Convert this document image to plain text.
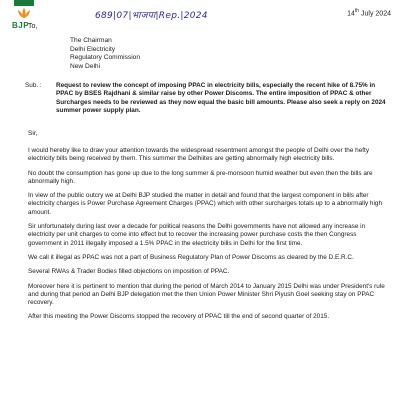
BJP
689|07|भाजपा|Rep.|2024	14th July 2024
To,
The Chairman
Delhi Electricity
Regulatory Commission
New Delhi
Sub. : Request to review the concept of imposing PPAC in electricity bills, especially the recent hike of 8.75% in PPAC by BSES Rajdhani & similar raise by other Power Discoms. The entire imposition of PPAC & other Surcharges needs to be reviewed as they now equal the basic bill amounts. Please also seek a reply on 2024 summer power supply plan.
Sir,

I would hereby like to draw your attention towards the widespread resentment amongst the people of Delhi over the hefty electricity bills being received by them. This summer the Delhiites are getting abnormally high electricity bills.

No doubt the consumption has gone up due to the long summer & pre-monsoon humid weather but even then the bills are abnormally high.

In view of the public outcry we at Delhi BJP studied the matter in detail and found that the largest component in bills after electricity charges is Power Purchase Agreement Charges (PPAC) which with other surcharges totals up to a abnormally high amount.

Sir unfortunately during last over a decade for political reasons the Delhi governments have not allowed any increase in electricity per unit charges to come into effect but to recover the increasing power purchase costs the then Congress government in 2011 illegally imposed a 1.5% PPAC in the electricity bills in Delhi for the first time.

We call it illegal as PPAC was not a part of Business Regulatory Plan of Power Discoms as cleared by the D.E.R.C.

Several RWAs & Trader Bodies filled objections on imposition of PPAC.

Moreover here it is pertinent to mention that during the period of March 2014 to January 2015 Delhi was under President's rule and during that period an Delhi BJP delegation met the then Union Power Minister Shri Piyush Goel seeking stay on PPAC recovery.

After this meeting the Power Discoms stopped the recovery of PPAC till the end of second quarter of 2015.
